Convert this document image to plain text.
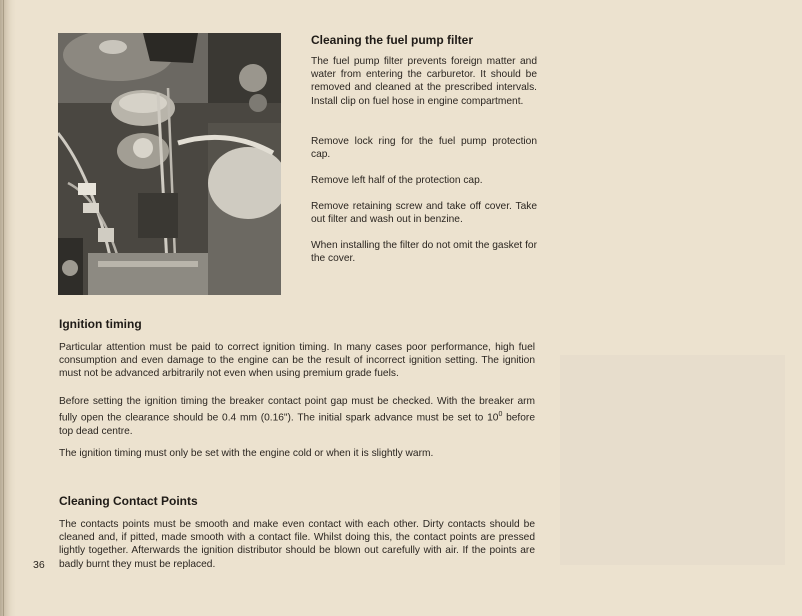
Cleaning the fuel pump filter

The fuel pump filter prevents foreign matter and water from entering the carburetor. It should be removed and cleaned at the prescribed intervals. Install clip on fuel hose in engine compartment.

Remove lock ring for the fuel pump protection cap.

Remove left half of the protection cap.

Remove retaining screw and take off cover. Take out filter and wash out in benzine.

When installing the filter do not omit the gasket for the cover.

Ignition timing

Particular attention must be paid to correct ignition timing. In many cases poor performance, high fuel consumption and even damage to the engine can be the result of incorrect ignition setting. The ignition must not be advanced arbitrarily not even when using premium grade fuels.

Before setting the ignition timing the breaker contact point gap must be checked. With the breaker arm fully open the clearance should be 0.4 mm (0.16"). The initial spark advance must be set to $10^0$ before top dead centre.

The ignition timing must only be set with the engine cold or when it is slightly warm.

Cleaning Contact Points

The contacts points must be smooth and make even contact with each other. Dirty contacts should be cleaned and, if pitted, made smooth with a contact file. Whilst doing this, the contact points are pressed lightly together. Afterwards the ignition distributor should be blown out carefully with air. If the points are badly burnt they must be replaced.

36
